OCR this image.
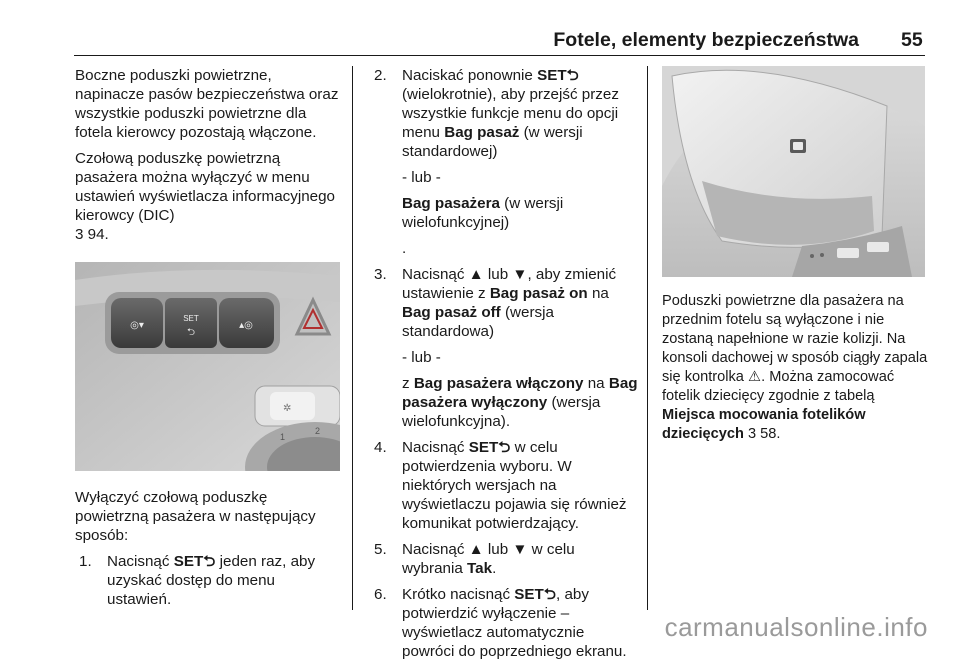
Fotele, elementy bezpieczeństwa 55

Boczne poduszki powietrzne, napinacze pasów bezpieczeństwa oraz wszystkie poduszki powietrzne dla fotela kierowcy pozostają włączone.

Czołową poduszkę powietrzną pasażera można wyłączyć w menu ustawień wyświetlacza informacyjnego kierowcy (DIC)
3 94.

◎▾
SET
⮌
▴◎
✲
1
2

Wyłączyć czołową poduszkę powietrzną pasażera w następujący sposób:

1. Nacisnąć SET⮌ jeden raz, aby uzyskać dostęp do menu ustawień.
2. Naciskać ponownie SET⮌ (wielokrotnie), aby przejść przez wszystkie funkcje menu do opcji menu Bag pasaż (w wersji standardowej)

- lub -

Bag pasażera (w wersji wielofunkcyjnej)

.

3. Nacisnąć ▲ lub ▼, aby zmienić ustawienie z Bag pasaż on na Bag pasaż off (wersja standardowa)

- lub -

z Bag pasażera włączony na Bag pasażera wyłączony (wersja wielofunkcyjna).

4. Nacisnąć SET⮌ w celu potwierdzenia wyboru. W niektórych wersjach na wyświetlaczu pojawia się również komunikat potwierdzający.
5. Nacisnąć ▲ lub ▼ w celu wybrania Tak.
6. Krótko nacisnąć SET⮌, aby potwierdzić wyłączenie – wyświetlacz automatycznie powróci do poprzedniego ekranu.

Poduszki powietrzne dla pasażera na przednim fotelu są wyłączone i nie zostaną napełnione w razie kolizji. Na konsoli dachowej w sposób ciągły zapala się kontrolka ⚠. Można zamocować fotelik dziecięcy zgodnie z tabelą Miejsca mocowania fotelików dziecięcych 3 58.

carmanualsonline.info
